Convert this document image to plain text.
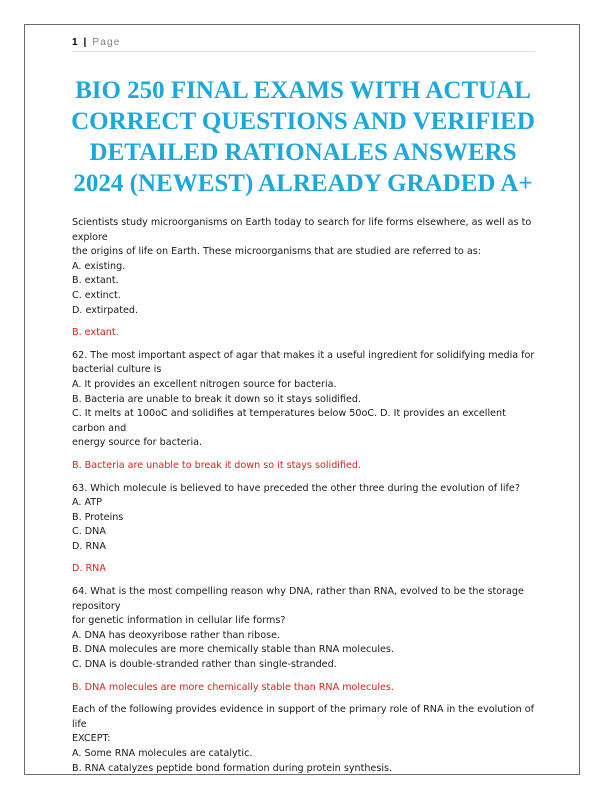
1 | Page
BIO 250 FINAL EXAMS WITH ACTUAL
CORRECT QUESTIONS AND VERIFIED
DETAILED RATIONALES ANSWERS
2024 (NEWEST) ALREADY GRADED A+

Scientists study microorganisms on Earth today to search for life forms elsewhere, as well as to explore
the origins of life on Earth. These microorganisms that are studied are referred to as:

A. existing.

B. extant.

C. extinct.

D. extirpated.

B. extant.

62. The most important aspect of agar that makes it a useful ingredient for solidifying media for
bacterial culture is

A. It provides an excellent nitrogen source for bacteria.

B. Bacteria are unable to break it down so it stays solidified.

C. It melts at 100oC and solidifies at temperatures below 50oC. D. It provides an excellent carbon and

energy source for bacteria.

B. Bacteria are unable to break it down so it stays solidified.

63. Which molecule is believed to have preceded the other three during the evolution of life?

A. ATP

B. Proteins

C. DNA

D. RNA

D. RNA

64. What is the most compelling reason why DNA, rather than RNA, evolved to be the storage repository
for genetic information in cellular life forms?

A. DNA has deoxyribose rather than ribose.

B. DNA molecules are more chemically stable than RNA molecules.

C. DNA is double-stranded rather than single-stranded.

B. DNA molecules are more chemically stable than RNA molecules.

Each of the following provides evidence in support of the primary role of RNA in the evolution of life
EXCEPT:

A. Some RNA molecules are catalytic.

B. RNA catalyzes peptide bond formation during protein synthesis.
